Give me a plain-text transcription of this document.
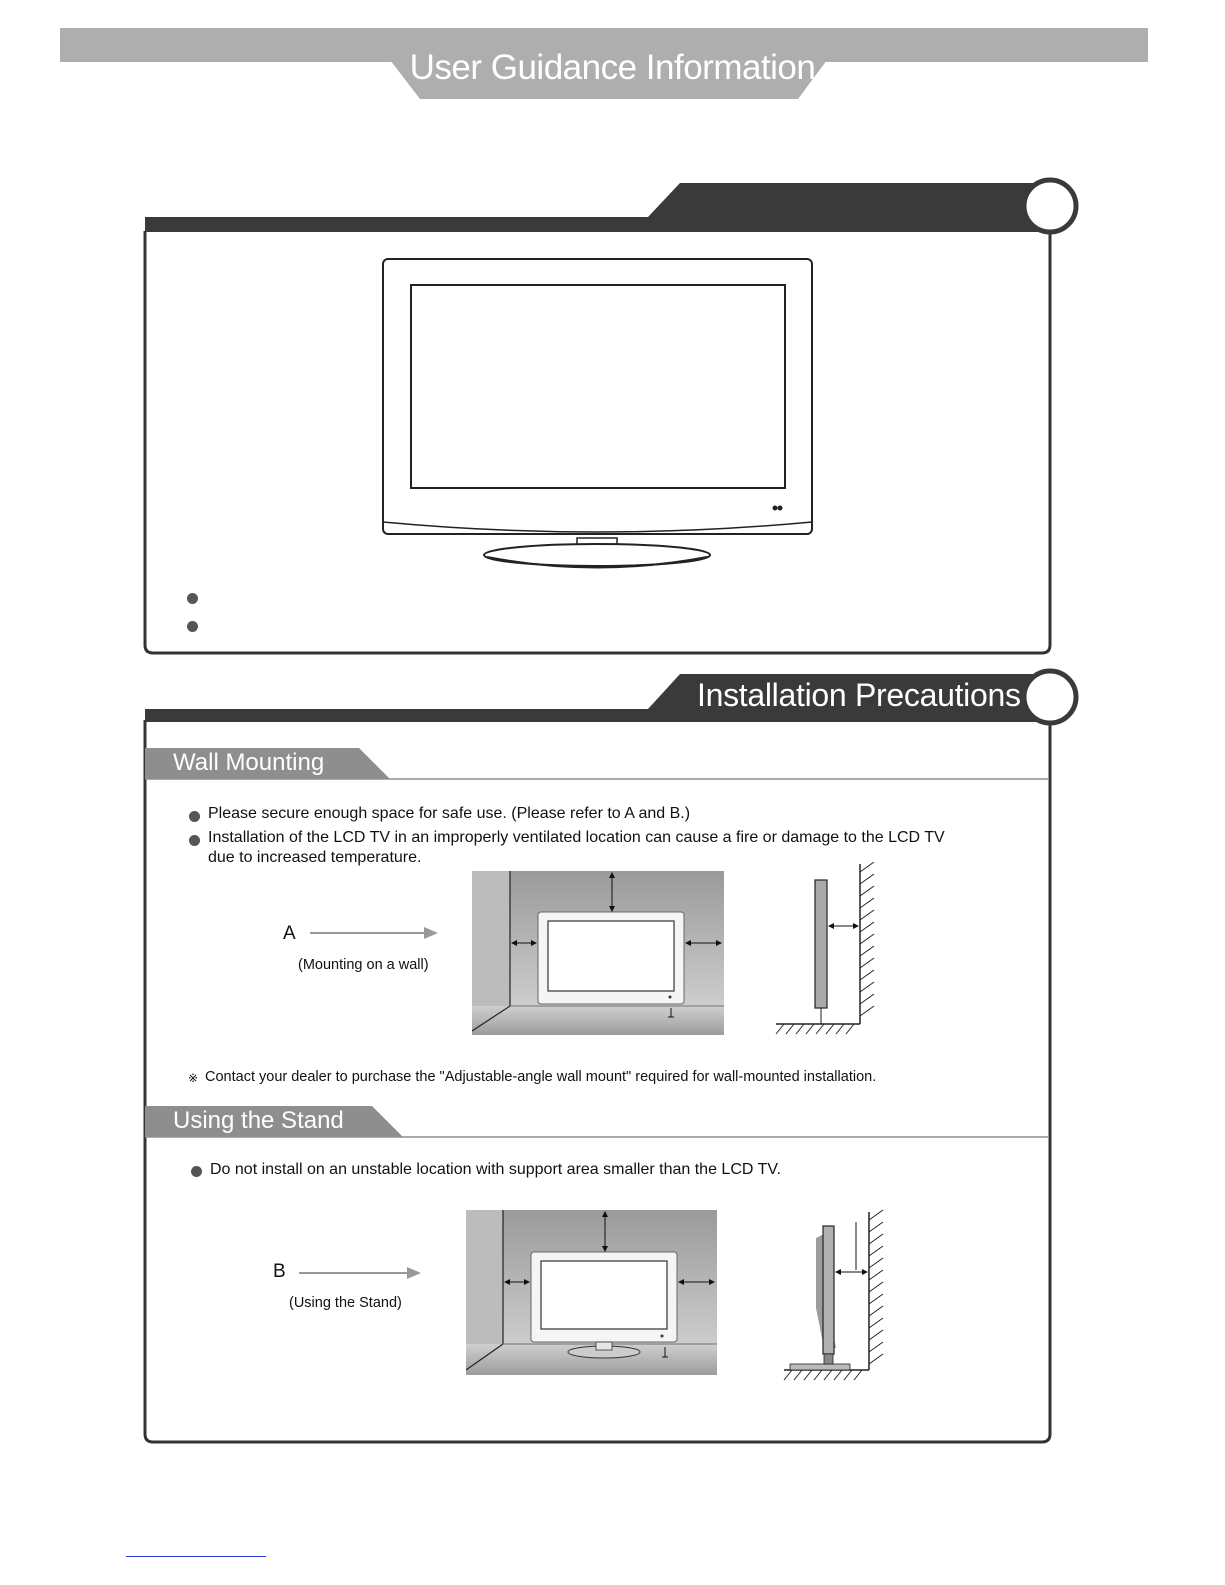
User Guidance Information
Installation Precautions
Wall Mounting
Please secure enough space for safe use. (Please refer to A and B.)
Installation of the LCD TV in an improperly ventilated location can cause a fire or damage to the LCD TV
due to increased temperature.
A
(Mounting on a wall)
※ Contact your dealer to purchase the "Adjustable-angle wall mount" required for wall-mounted installation.
Using the Stand
Do not install on an unstable location with support area smaller than the LCD TV.
B
(Using the Stand)
